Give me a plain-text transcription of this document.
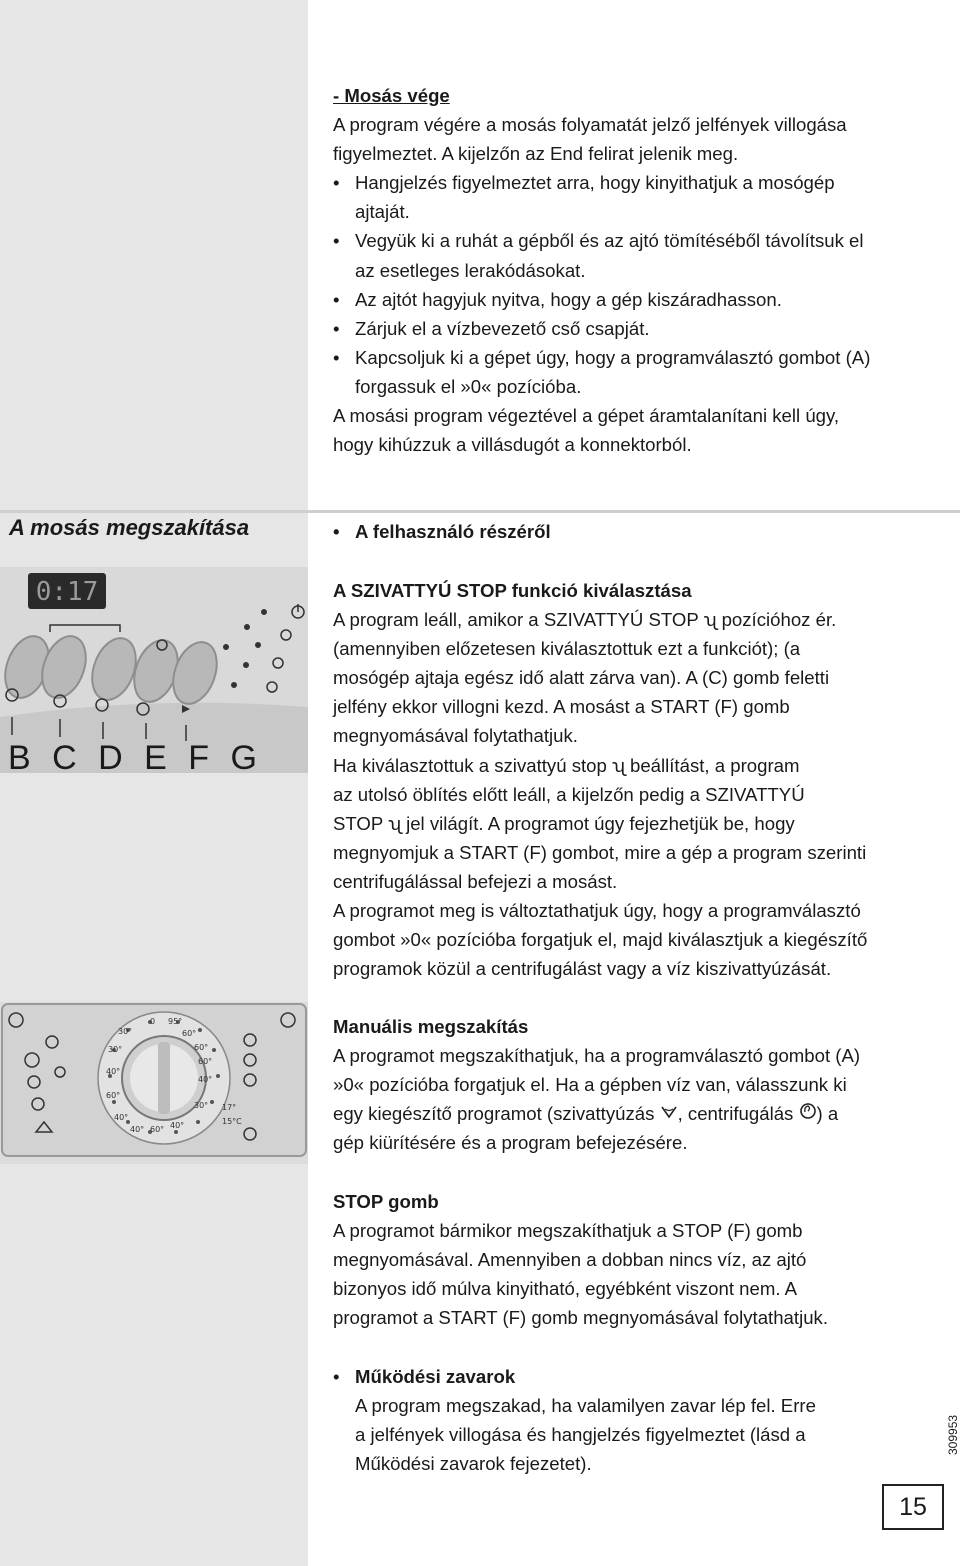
A mosás megszakítása
0:17
B C D E F G
30°
0 95°
60°
60°
60°
40°
30°
30°
40°
60°
40°
40° 60° 40°
17°
15°C
- Mosás vége
A program végére a mosás folyamatát jelző jelfények villogása
figyelmeztet. A kijelzőn az End felirat jelenik meg.
• Hangjelzés figyelmeztet arra, hogy kinyithatjuk a mosógép
ajtaját.
• Vegyük ki a ruhát a gépből és az ajtó tömítéséből távolítsuk el
az esetleges lerakódásokat.
• Az ajtót hagyjuk nyitva, hogy a gép kiszáradhasson.
• Zárjuk el a vízbevezető cső csapját.
• Kapcsoljuk ki a gépet úgy, hogy a programválasztó gombot (A)
forgassuk el »0« pozícióba.
A mosási program végeztével a gépet áramtalanítani kell úgy,
hogy kihúzzuk a villásdugót a konnektorból.
• A felhasználó részéről
A SZIVATTYÚ STOP funkció kiválasztása
A program leáll, amikor a SZIVATTYÚ STOP ʯ pozícióhoz ér.
(amennyiben előzetesen kiválasztottuk ezt a funkciót); (a
mosógép ajtaja egész idő alatt zárva van). A (C) gomb feletti
jelfény ekkor villogni kezd. A mosást a START (F) gomb
megnyomásával folytathatjuk.
Ha kiválasztottuk a szivattyú stop ʯ beállítást, a program
az utolsó öblítés előtt leáll, a kijelzőn pedig a SZIVATTYÚ
STOP ʯ jel világít. A programot úgy fejezhetjük be, hogy
megnyomjuk a START (F) gombot, mire a gép a program szerinti
centrifugálással befejezi a mosást.
A programot meg is változtathatjuk úgy, hogy a programválasztó
gombot »0« pozícióba forgatjuk el, majd kiválasztjuk a kiegészítő
programok közül a centrifugálást vagy a víz kiszivattyúzását.
Manuális megszakítás
A programot megszakíthatjuk, ha a programválasztó gombot (A)
»0« pozícióba forgatjuk el. Ha a gépben víz van, válasszunk ki
egy kiegészítő programot (szivattyúzás , centrifugálás ) a
gép kiürítésére és a program befejezésére.
STOP gomb
A programot bármikor megszakíthatjuk a STOP (F) gomb
megnyomásával. Amennyiben a dobban nincs víz, az ajtó
bizonyos idő múlva kinyitható, egyébként viszont nem. A
programot a START (F) gomb megnyomásával folytathatjuk.
• Működési zavarok
A program megszakad, ha valamilyen zavar lép fel. Erre
a jelfények villogása és hangjelzés figyelmeztet (lásd a
Működési zavarok fejezetet).
15
309953
